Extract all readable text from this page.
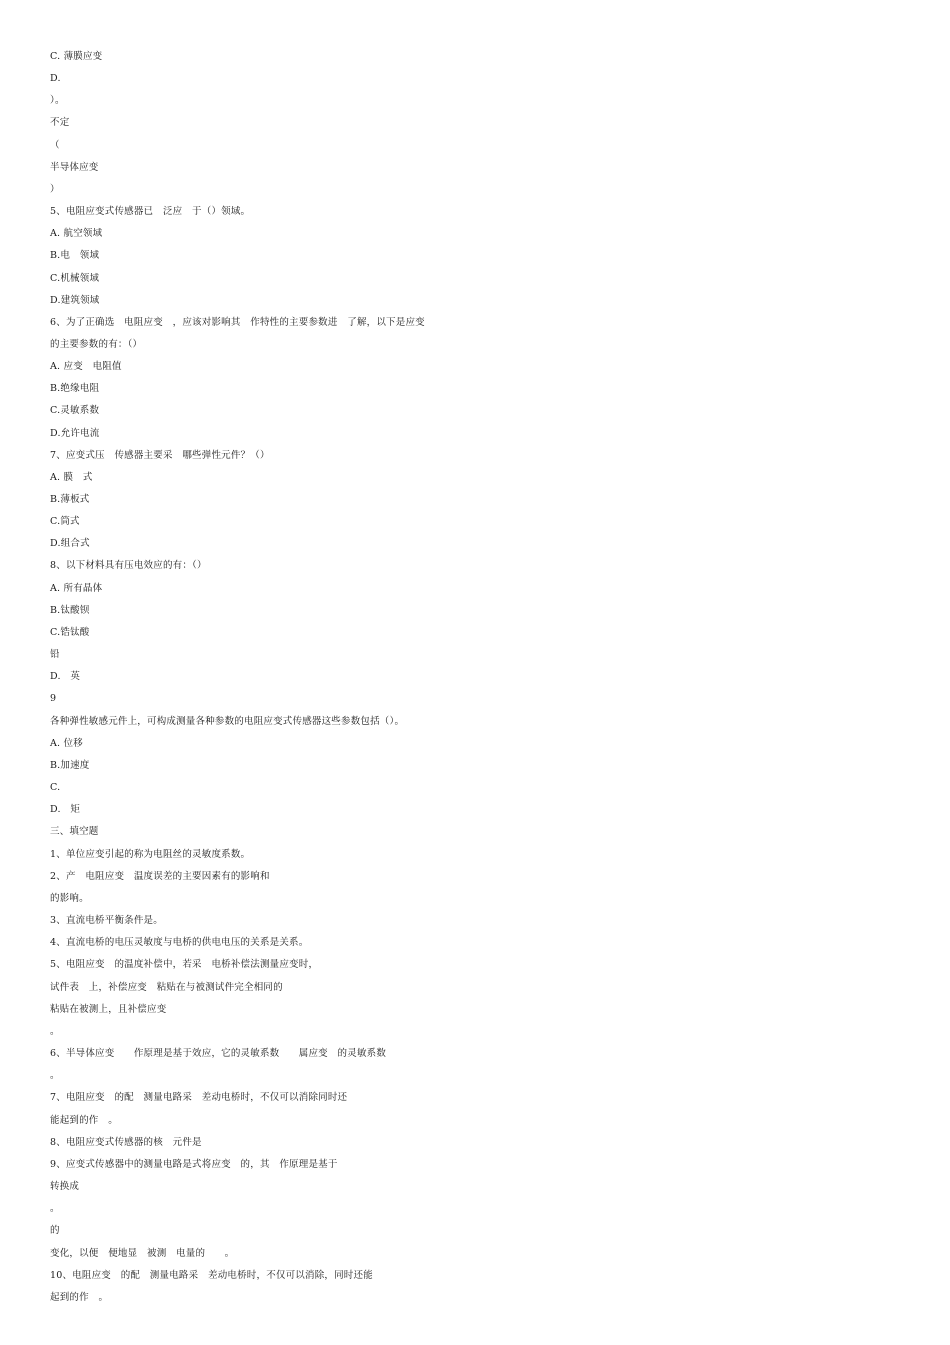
C. 薄膜应变
D.
）。
不定
（
半导体应变
）
5、电阻应变式传感器已　泛应　于（）领域。
A. 航空领域
B.电　领域
C.机械领域
D.建筑领域
6、为了正确选　电阻应变　，应该对影响其　作特性的主要参数进　了解，以下是应变
的主要参数的有：（）
A. 应变　电阻值
B.绝缘电阻
C.灵敏系数
D.允许电流
7、应变式压　传感器主要采　哪些弹性元件？（）
A. 膜　式
B.薄板式
C.筒式
D.组合式
8、以下材料具有压电效应的有：（）
A. 所有晶体
B.钛酸钡
C.锆钛酸
铅
D.　英
9
各种弹性敏感元件上，可构成测量各种参数的电阻应变式传感器这些参数包括（）。
A. 位移
B.加速度
C.
D.　矩
三、填空题
1、单位应变引起的称为电阻丝的灵敏度系数。
2、产　电阻应变　温度误差的主要因素有的影响和
的影响。
3、直流电桥平衡条件是。
4、直流电桥的电压灵敏度与电桥的供电电压的关系是关系。
5、电阻应变　的温度补偿中，若采　电桥补偿法测量应变时，
试件表　上，补偿应变　粘贴在与被测试件完全相同的
粘贴在被测上，且补偿应变
。
6、半导体应变　　作原理是基于效应，它的灵敏系数　　属应变　的灵敏系数
。
7、电阻应变　的配　测量电路采　差动电桥时，不仅可以消除同时还
能起到的作　。
8、电阻应变式传感器的核　元件是
9、应变式传感器中的测量电路是式将应变　的，其　作原理是基于
转换成
。
的
变化，以便　便地显　被测　电量的　　。
10、电阻应变　的配　测量电路采　差动电桥时，不仅可以消除，同时还能
起到的作　。
